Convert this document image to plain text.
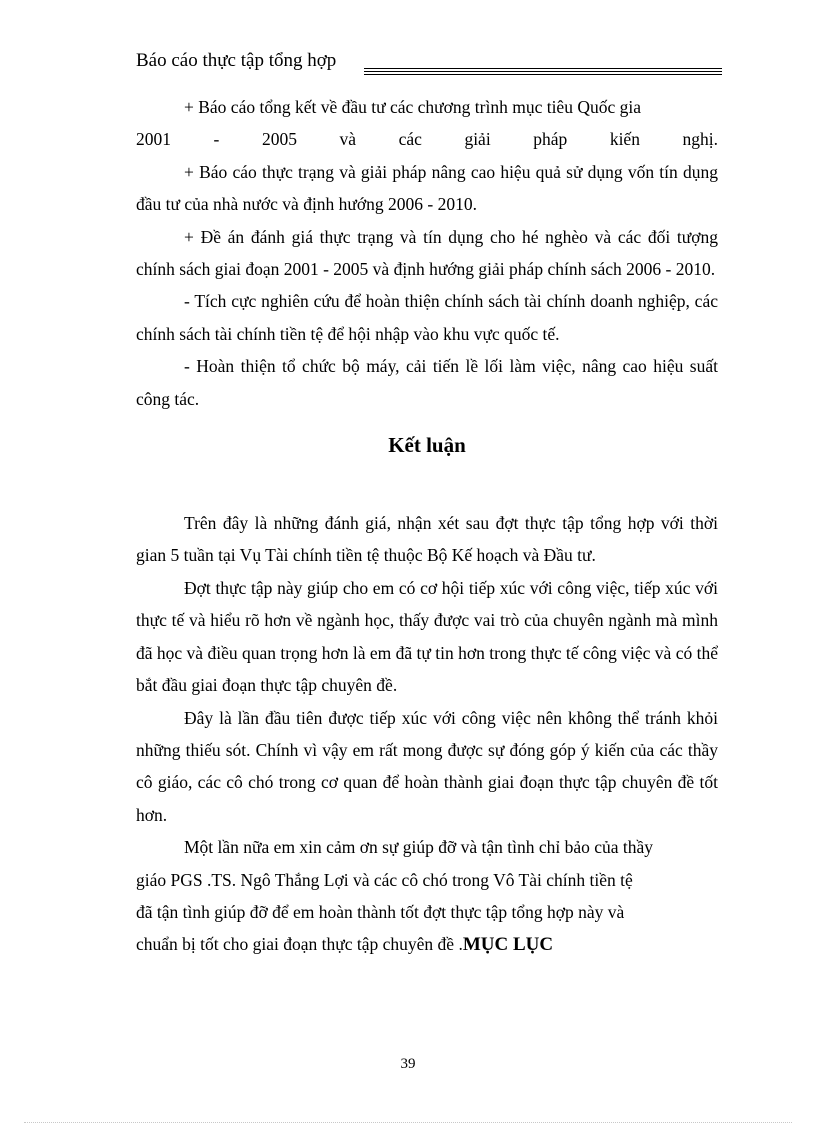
Báo cáo thực tập tổng hợp

+ Báo cáo tổng kết về đầu tư các chương trình mục tiêu Quốc gia

2001 - 2005 và các giải pháp kiến nghị.

+ Báo cáo thực trạng và giải pháp nâng cao hiệu quả sử dụng vốn tín dụng đầu tư của nhà nước và định hướng 2006 - 2010.

+ Đề án đánh giá thực trạng và tín dụng cho hé nghèo và các đối tượng chính sách giai đoạn 2001 - 2005 và định hướng giải pháp chính sách 2006 - 2010.

- Tích cực nghiên cứu để hoàn thiện chính sách tài chính doanh nghiệp, các chính sách tài chính tiền tệ để hội nhập vào khu vực quốc tế.

- Hoàn thiện tổ chức bộ máy, cải tiến lề lối làm việc, nâng cao hiệu suất công tác.

Kết luận

Trên đây là những đánh giá, nhận xét sau đợt thực tập tổng hợp với thời gian 5 tuần tại Vụ Tài chính tiền tệ thuộc Bộ Kế hoạch và Đầu tư.

Đợt thực tập này giúp cho em có cơ hội tiếp xúc với công việc, tiếp xúc với thực tế và hiểu rõ hơn về ngành học, thấy được vai trò của chuyên ngành mà mình đã học và điều quan trọng hơn là em đã tự tin hơn trong thực tế công việc và có thể bắt đầu giai đoạn thực tập chuyên đề.

Đây là lần đầu tiên được tiếp xúc với công việc nên không thể tránh khỏi những thiếu sót. Chính vì vậy em rất mong được sự đóng góp ý kiến của các thầy cô giáo, các cô chó trong cơ quan để hoàn thành giai đoạn thực tập chuyên đề tốt hơn.

Một lần nữa em xin cảm ơn sự giúp đỡ và tận tình chỉ bảo của thầy

giáo PGS .TS. Ngô Thắng Lợi và các cô chó trong Vô Tài chính tiền tệ
đã tận tình giúp đỡ để em hoàn thành tốt đợt thực tập tổng hợp này và
chuẩn bị tốt cho giai đoạn thực tập chuyên đề .MỤC LỤC

39
